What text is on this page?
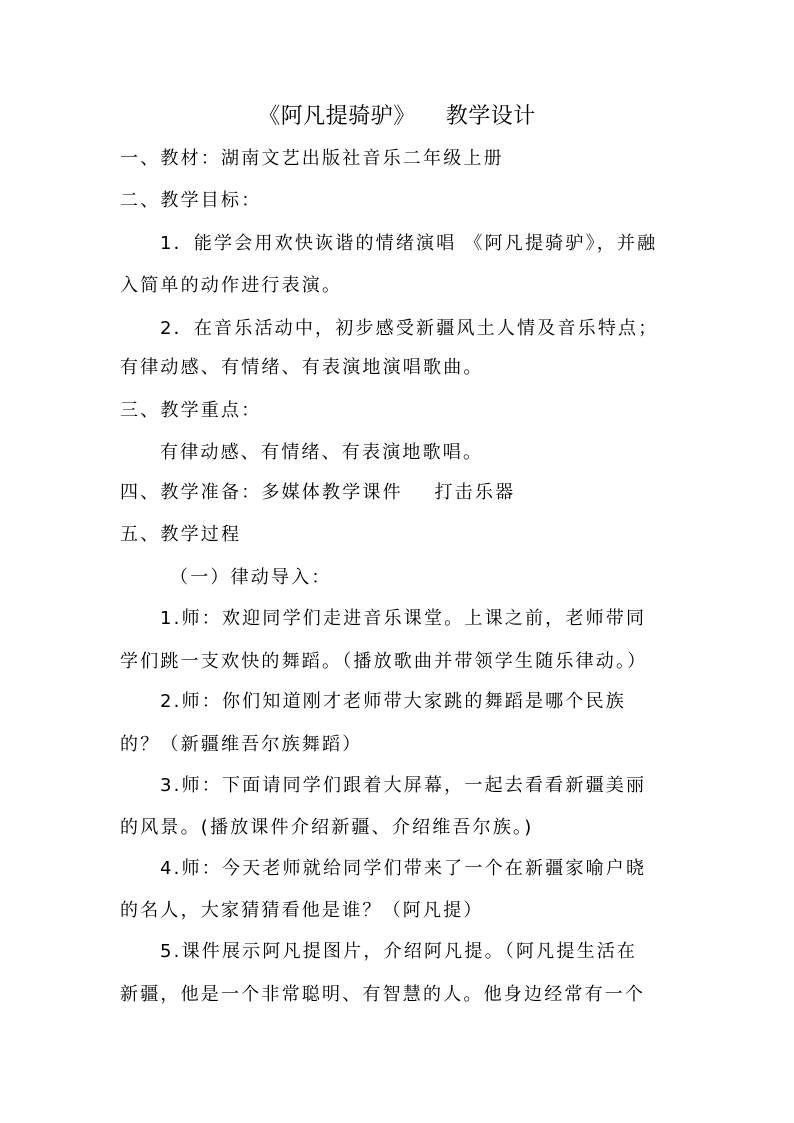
《阿凡提骑驴》    教学设计
一、教材：湖南文艺出版社音乐二年级上册
二、教学目标：
1．能学会用欢快诙谐的情绪演唱 《阿凡提骑驴》，并融
入简单的动作进行表演。
2．在音乐活动中，初步感受新疆风土人情及音乐特点；
有律动感、有情绪、有表演地演唱歌曲。
三、教学重点：
有律动感、有情绪、有表演地歌唱。
四、教学准备：多媒体教学课件    打击乐器
五、教学过程
（一）律动导入：
1.师：欢迎同学们走进音乐课堂。上课之前，老师带同
学们跳一支欢快的舞蹈。（播放歌曲并带领学生随乐律动。）
2.师：你们知道刚才老师带大家跳的舞蹈是哪个民族
的？（新疆维吾尔族舞蹈）
3.师：下面请同学们跟着大屏幕，一起去看看新疆美丽
的风景。(播放课件介绍新疆、介绍维吾尔族。)
4.师：今天老师就给同学们带来了一个在新疆家喻户晓
的名人，大家猜猜看他是谁？（阿凡提）
5.课件展示阿凡提图片，介绍阿凡提。（阿凡提生活在
新疆，他是一个非常聪明、有智慧的人。他身边经常有一个
